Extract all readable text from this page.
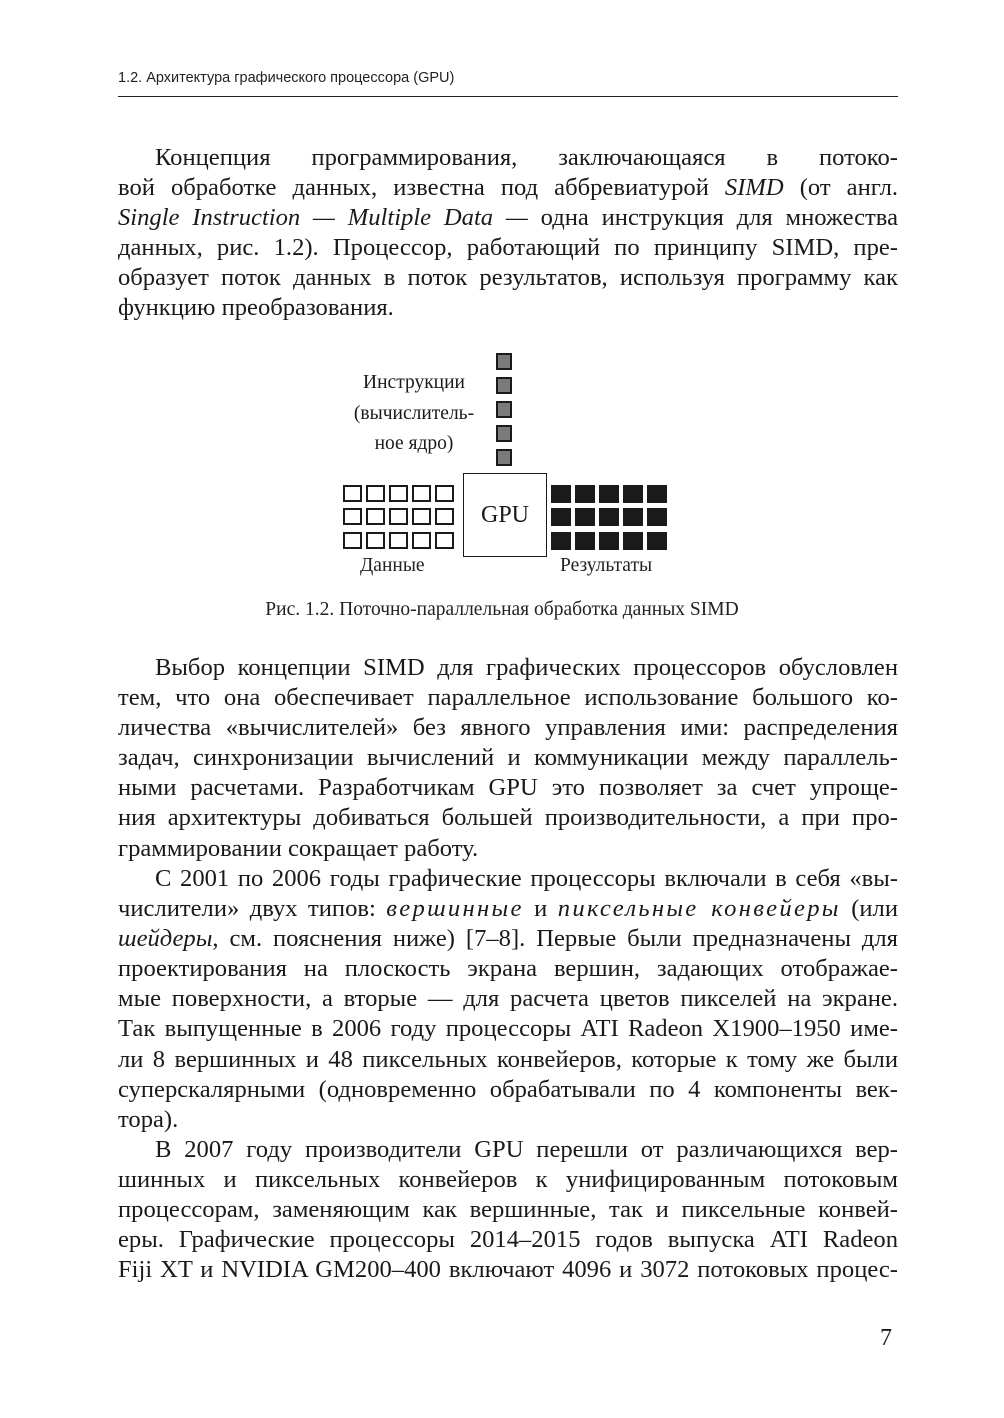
1.2. Архитектура графического процессора (GPU)
Концепция программирования, заключающаяся в потоко-
вой обработке данных, известна под аббревиатурой SIMD (от англ.
Single Instruction — Multiple Data — одна инструкция для множества
данных, рис. 1.2). Процессор, работающий по принципу SIMD, пре-
образует поток данных в поток результатов, используя программу как
функцию преобразования.
Инструкции
(вычислитель-
ное ядро)
GPU
Данные	Результаты
Рис. 1.2. Поточно-параллельная обработка данных SIMD
Выбор концепции SIMD для графических процессоров обусловлен
тем, что она обеспечивает параллельное использование большого ко-
личества «вычислителей» без явного управления ими: распределения
задач, синхронизации вычислений и коммуникации между параллель-
ными расчетами. Разработчикам GPU это позволяет за счет упроще-
ния архитектуры добиваться большей производительности, а при про-
граммировании сокращает работу.
С 2001 по 2006 годы графические процессоры включали в себя «вы-
числители» двух типов: вершинные и пиксельные конвейеры (или
шейдеры, см. пояснения ниже) [7–8]. Первые были предназначены для
проектирования на плоскость экрана вершин, задающих отображае-
мые поверхности, а вторые — для расчета цветов пикселей на экране.
Так выпущенные в 2006 году процессоры ATI Radeon X1900–1950 име-
ли 8 вершинных и 48 пиксельных конвейеров, которые к тому же были
суперскалярными (одновременно обрабатывали по 4 компоненты век-
тора).
В 2007 году производители GPU перешли от различающихся вер-
шинных и пиксельных конвейеров к унифицированным потоковым
процессорам, заменяющим как вершинные, так и пиксельные конвей-
еры. Графические процессоры 2014–2015 годов выпуска ATI Radeon
Fiji XT и NVIDIA GM200–400 включают 4096 и 3072 потоковых процес-
7
